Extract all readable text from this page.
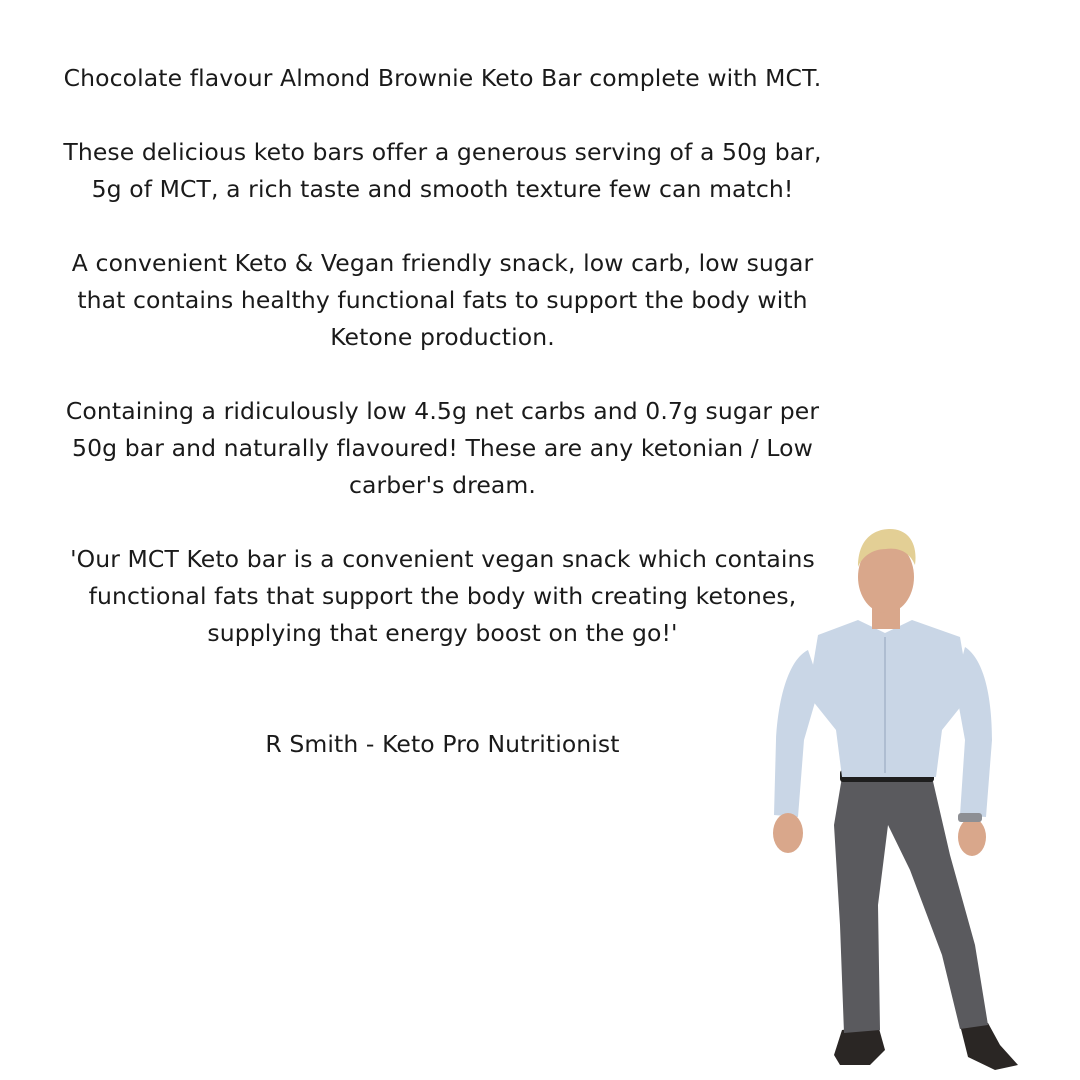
Chocolate flavour Almond Brownie Keto Bar complete with MCT.

These delicious keto bars offer a generous serving of a 50g bar,
5g of MCT, a rich taste and smooth texture few can match!

A convenient Keto & Vegan friendly snack, low carb, low sugar
that contains healthy functional fats to support the body with
Ketone production.

Containing a ridiculously low 4.5g net carbs and 0.7g sugar per
50g bar and naturally flavoured! These are any ketonian / Low
carber's dream.

'Our MCT Keto bar is a convenient vegan snack which contains
functional fats that support the body with creating ketones,
supplying that energy boost on the go!'

R Smith - Keto Pro Nutritionist
